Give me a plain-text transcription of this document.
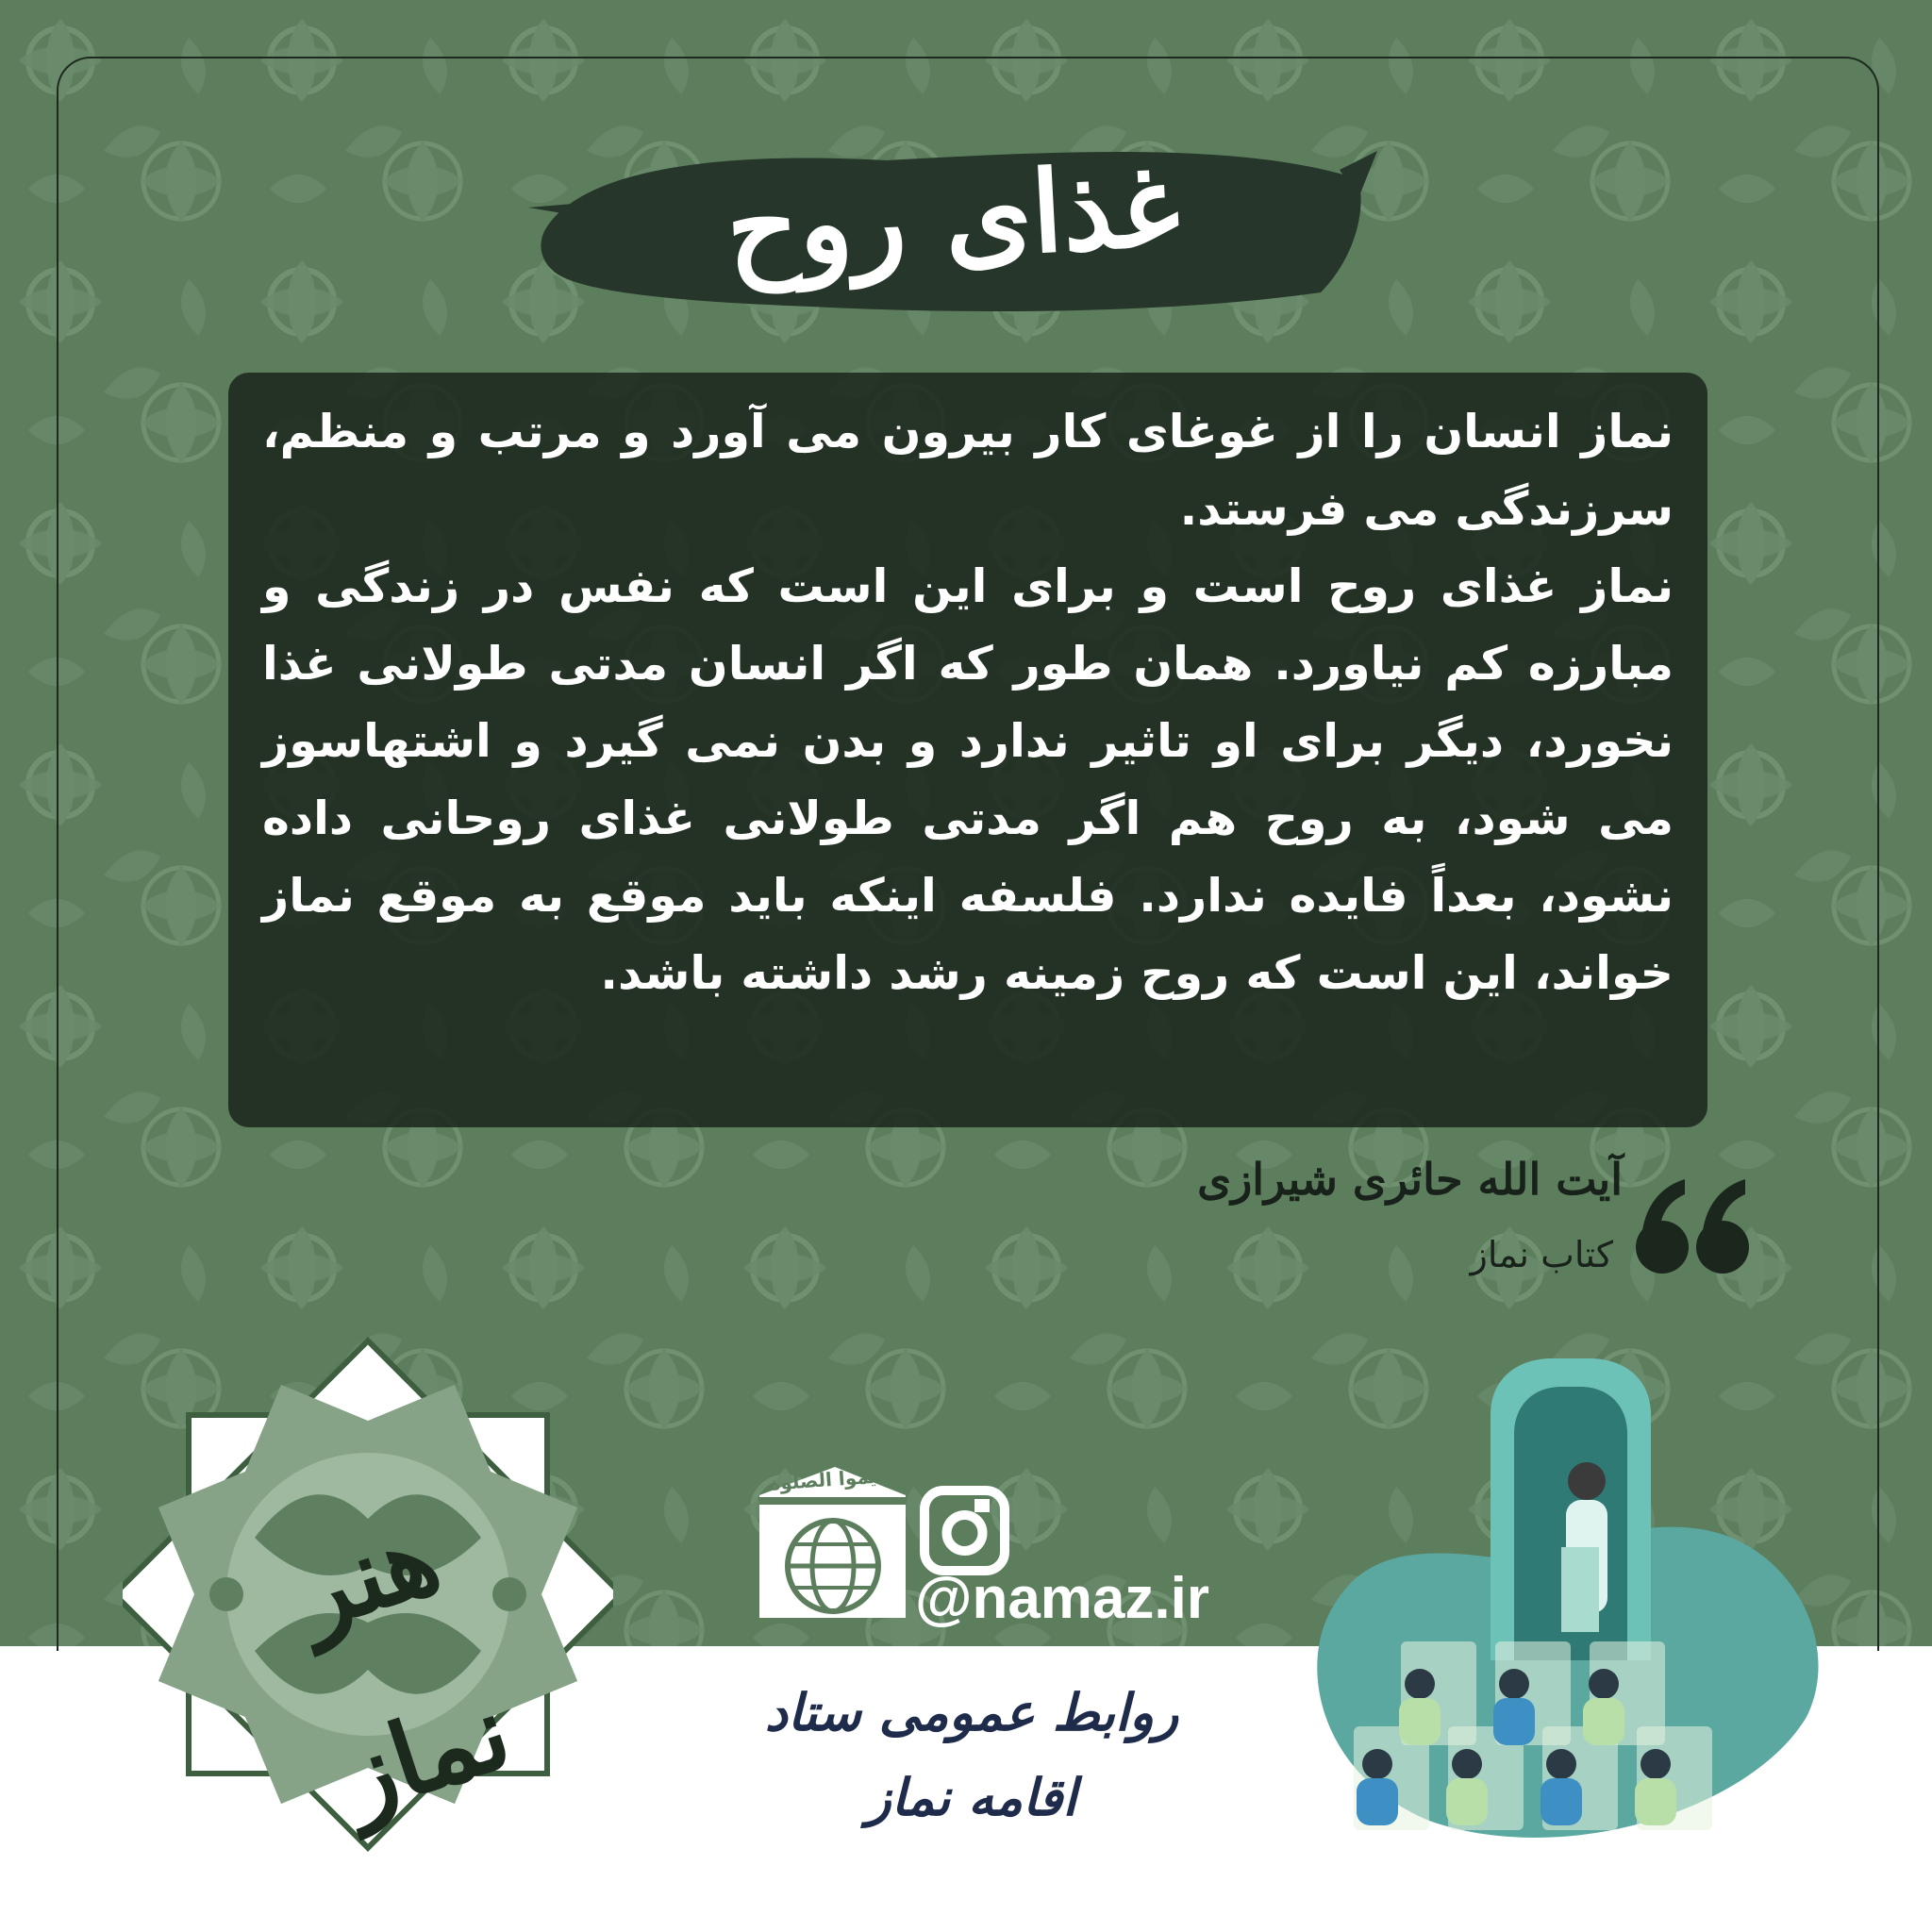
غذای روح

نماز انسان را از غوغای کار بیرون می آورد و مرتب و منظم، سرزندگی می فرستد.

نماز غذای روح است و برای این است که نفس در زندگی و مبارزه کم نیاورد. همان طور که اگر انسان مدتی طولانی غذا نخورد، دیگر برای او تاثیر ندارد و بدن نمی گیرد و اشتهاسوز می شود، به روح هم اگر مدتی طولانی غذای روحانی داده نشود، بعداً فایده ندارد. فلسفه اینکه باید موقع به موقع نماز خواند، این است که روح زمینه رشد داشته باشد.

آیت الله حائری شیرازی
کتاب نماز
هنر نماز
اقیموا الصلوة
@namaz.ir
روابط عمومی ستاد اقامه نماز
